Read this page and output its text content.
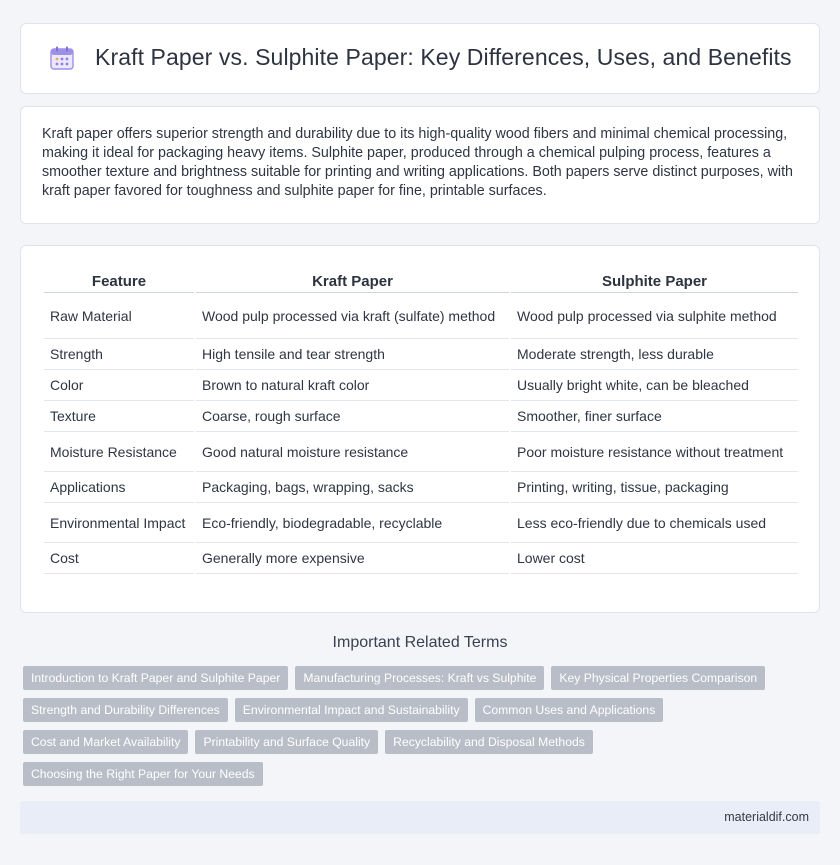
Kraft Paper vs. Sulphite Paper: Key Differences, Uses, and Benefits

Kraft paper offers superior strength and durability due to its high-quality wood fibers and minimal chemical processing, making it ideal for packaging heavy items. Sulphite paper, produced through a chemical pulping process, features a smoother texture and brightness suitable for printing and writing applications. Both papers serve distinct purposes, with kraft paper favored for toughness and sulphite paper for fine, printable surfaces.

Feature	Kraft Paper	Sulphite Paper
Raw Material	Wood pulp processed via kraft (sulfate) method	Wood pulp processed via sulphite method
Strength	High tensile and tear strength	Moderate strength, less durable
Color	Brown to natural kraft color	Usually bright white, can be bleached
Texture	Coarse, rough surface	Smoother, finer surface
Moisture Resistance	Good natural moisture resistance	Poor moisture resistance without treatment
Applications	Packaging, bags, wrapping, sacks	Printing, writing, tissue, packaging
Environmental Impact	Eco-friendly, biodegradable, recyclable	Less eco-friendly due to chemicals used
Cost	Generally more expensive	Lower cost
Important Related Terms
Introduction to Kraft Paper and Sulphite Paper	Manufacturing Processes: Kraft vs Sulphite	Key Physical Properties Comparison
Strength and Durability Differences	Environmental Impact and Sustainability	Common Uses and Applications
Cost and Market Availability	Printability and Surface Quality	Recyclability and Disposal Methods
Choosing the Right Paper for Your Needs
materialdif.com
